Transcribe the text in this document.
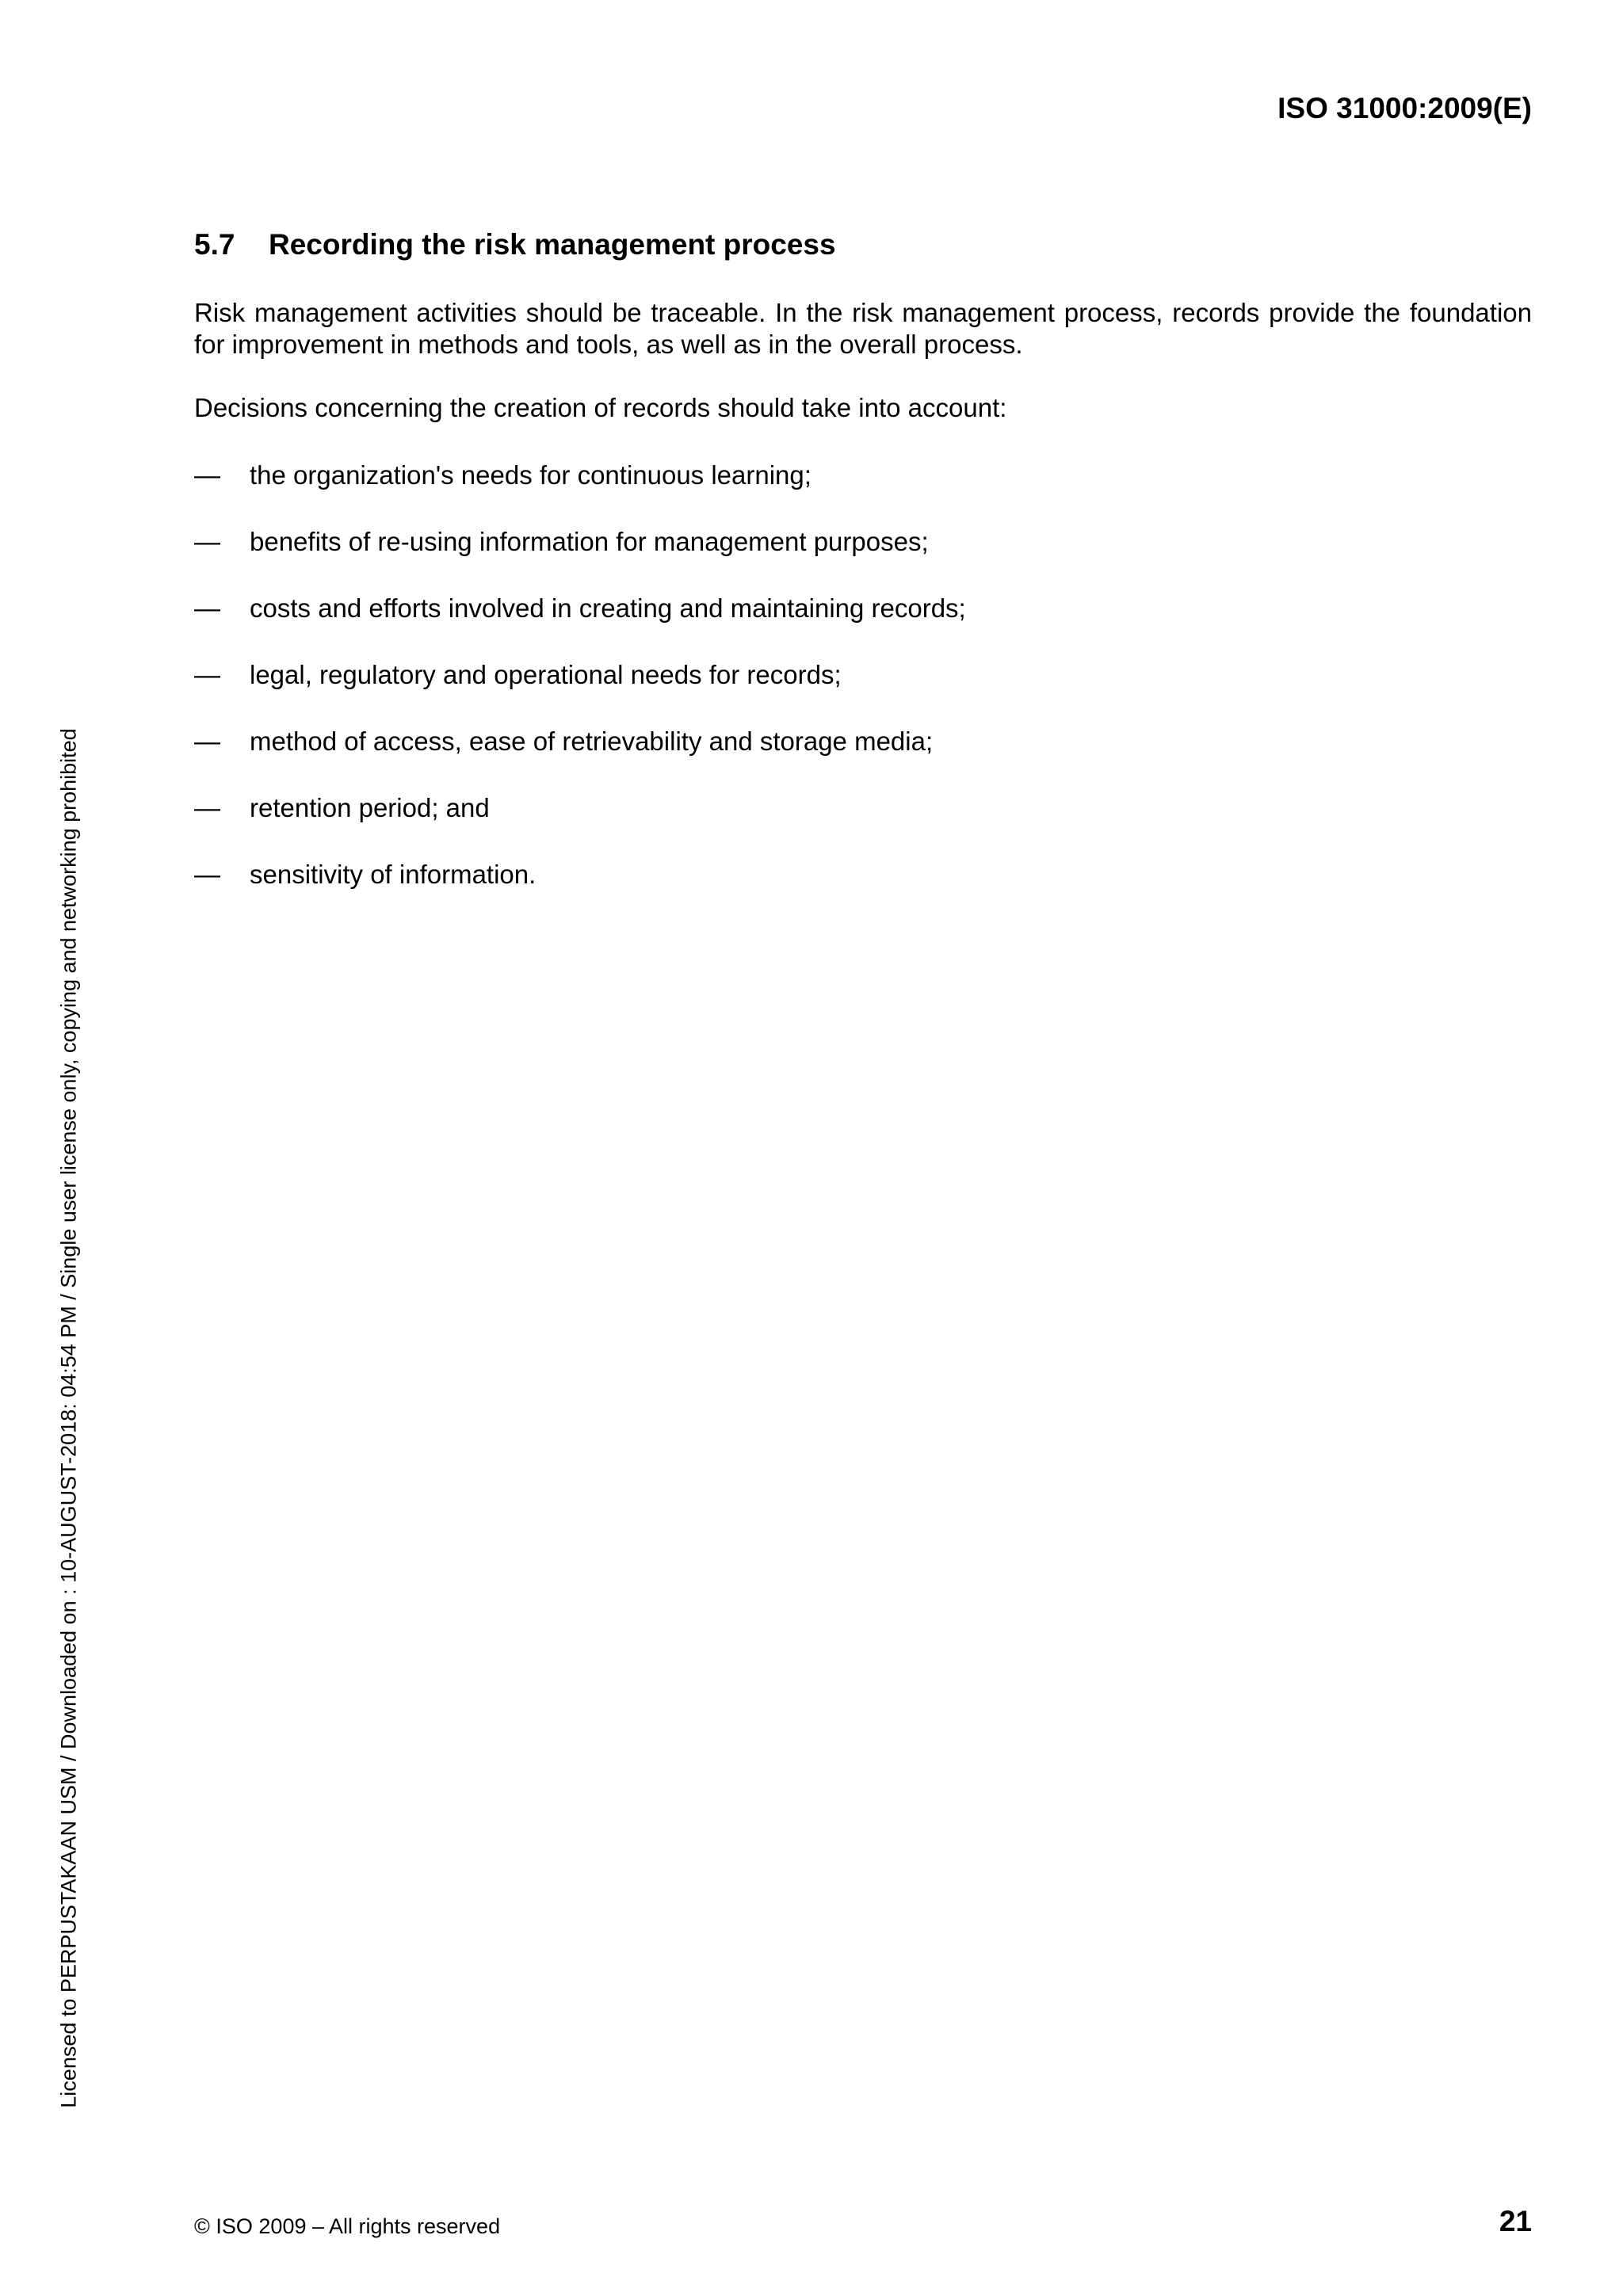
ISO 31000:2009(E)
5.7 Recording the risk management process
Risk management activities should be traceable. In the risk management process, records provide the foundation for improvement in methods and tools, as well as in the overall process.
Decisions concerning the creation of records should take into account:
— the organization's needs for continuous learning;
— benefits of re-using information for management purposes;
— costs and efforts involved in creating and maintaining records;
— legal, regulatory and operational needs for records;
— method of access, ease of retrievability and storage media;
— retention period; and
— sensitivity of information.
Licensed to PERPUSTAKAAN USM / Downloaded on : 10-AUGUST-2018: 04:54 PM / Single user license only, copying and networking prohibited
© ISO 2009 – All rights reserved	21
